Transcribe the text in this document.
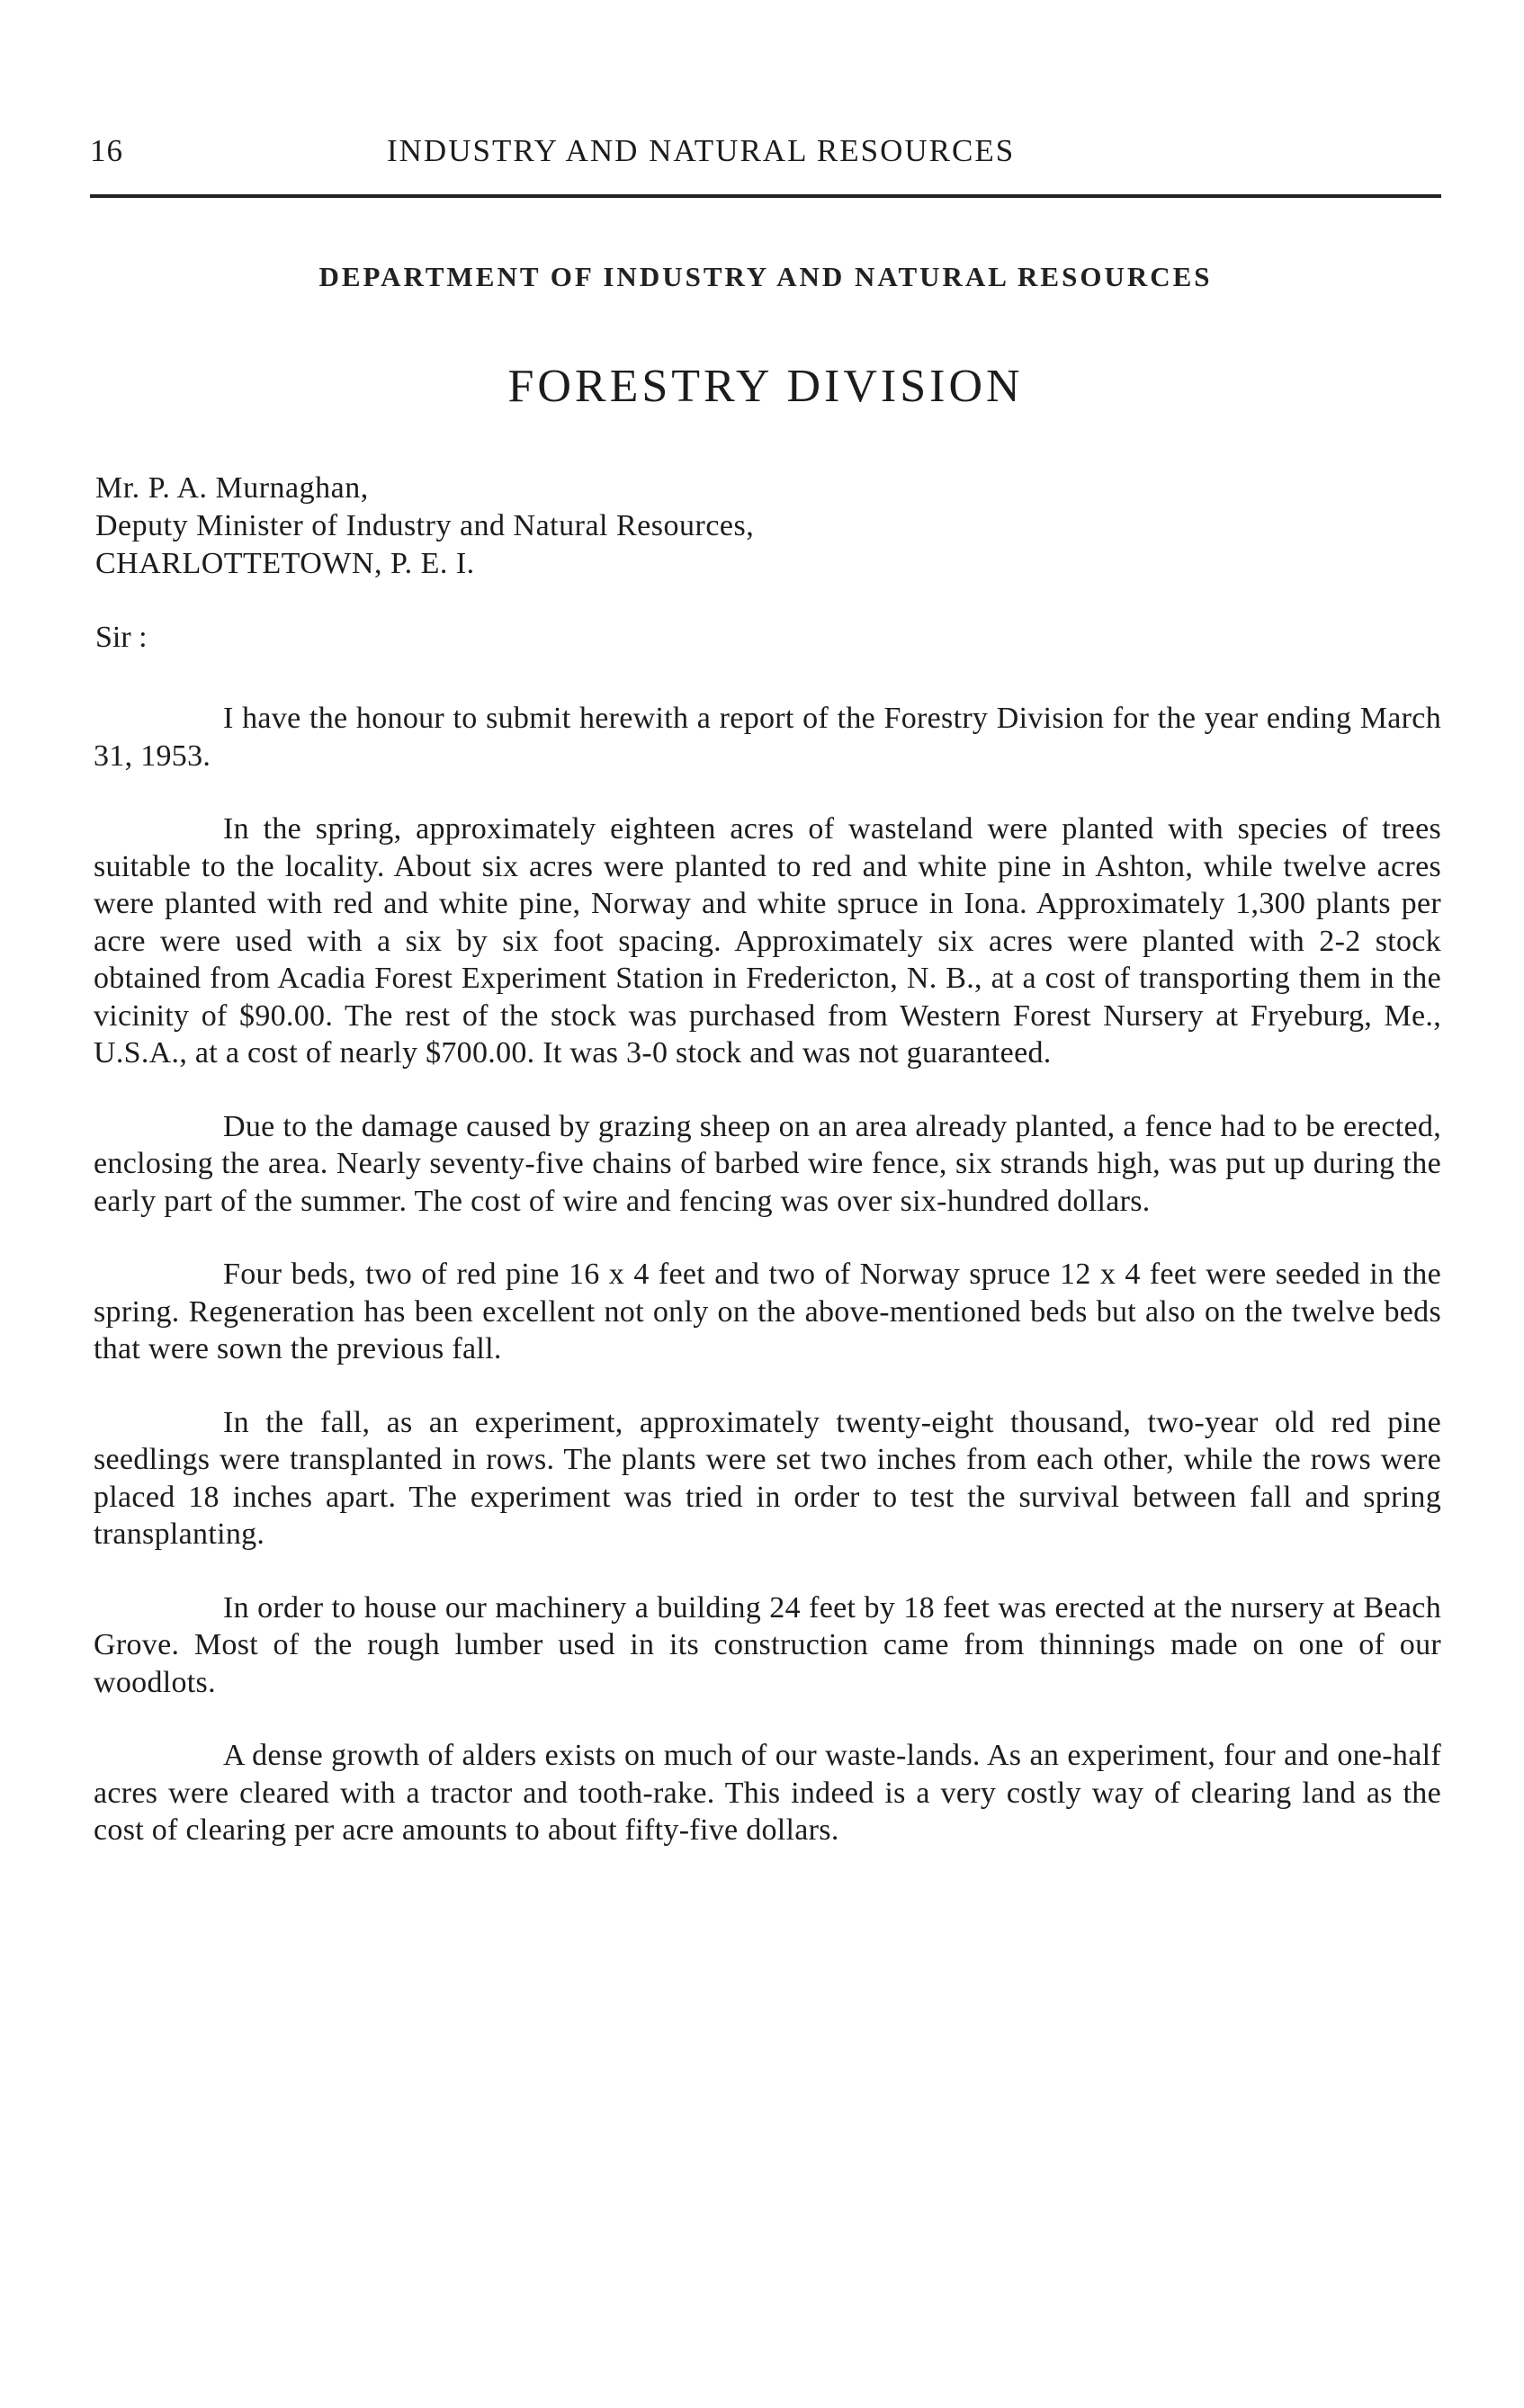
16	INDUSTRY AND NATURAL RESOURCES
DEPARTMENT OF INDUSTRY AND NATURAL RESOURCES
FORESTRY DIVISION
Mr. P. A. Murnaghan,
Deputy Minister of Industry and Natural Resources,
CHARLOTTETOWN, P. E. I.
Sir :

I have the honour to submit herewith a report of the Forestry Division for the year ending March 31, 1953.

In the spring, approximately eighteen acres of wasteland were planted with species of trees suitable to the locality. About six acres were planted to red and white pine in Ashton, while twelve acres were planted with red and white pine, Norway and white spruce in Iona. Approximately 1,300 plants per acre were used with a six by six foot spacing. Approximately six acres were planted with 2-2 stock obtained from Acadia Forest Experiment Station in Fredericton, N. B., at a cost of transporting them in the vicinity of $90.00. The rest of the stock was purchased from Western Forest Nursery at Fryeburg, Me., U.S.A., at a cost of nearly $700.00. It was 3-0 stock and was not guaranteed.

Due to the damage caused by grazing sheep on an area already planted, a fence had to be erected, enclosing the area. Nearly seventy-five chains of barbed wire fence, six strands high, was put up during the early part of the summer. The cost of wire and fencing was over six-hundred dollars.

Four beds, two of red pine 16 x 4 feet and two of Norway spruce 12 x 4 feet were seeded in the spring. Regeneration has been excellent not only on the above-mentioned beds but also on the twelve beds that were sown the previous fall.

In the fall, as an experiment, approximately twenty-eight thousand, two-year old red pine seedlings were transplanted in rows. The plants were set two inches from each other, while the rows were placed 18 inches apart. The experiment was tried in order to test the survival between fall and spring transplanting.

In order to house our machinery a building 24 feet by 18 feet was erected at the nursery at Beach Grove. Most of the rough lumber used in its construction came from thinnings made on one of our woodlots.

A dense growth of alders exists on much of our waste-lands. As an experiment, four and one-half acres were cleared with a tractor and tooth-rake. This indeed is a very costly way of clearing land as the cost of clearing per acre amounts to about fifty-five dollars.
